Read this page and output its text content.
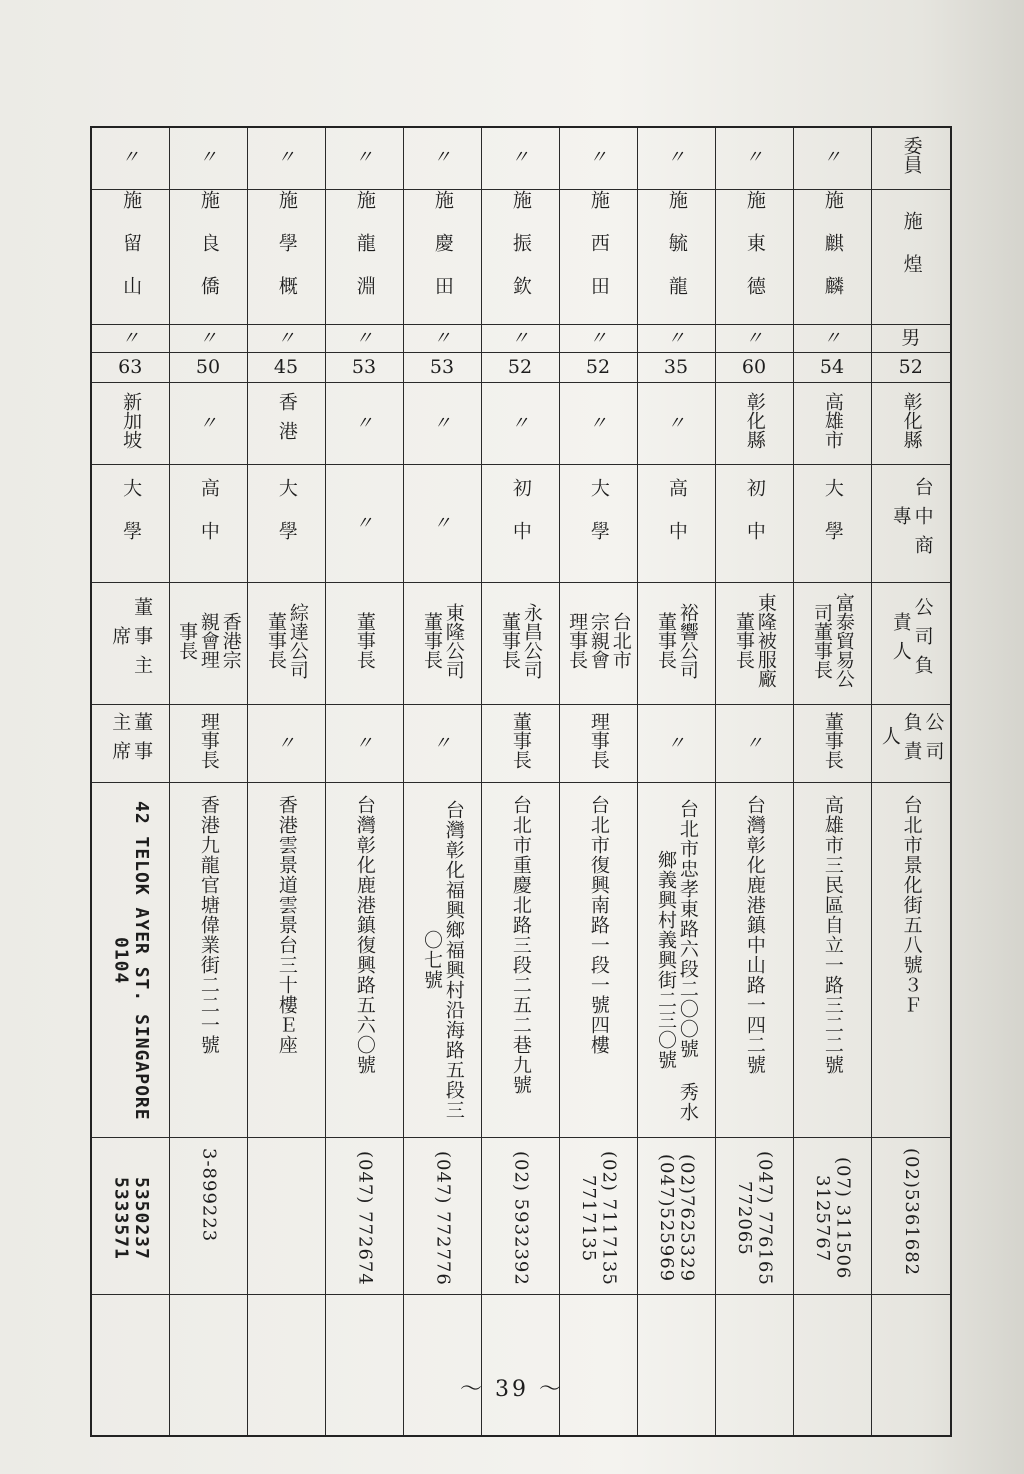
〃	〃	〃	〃	〃	〃	〃	〃	〃	〃	委員
施留山	施良僑	施學概	施龍淵	施慶田	施振欽	施西田	施毓龍	施東德	施麒麟	施煌
〃	〃	〃	〃	〃	〃	〃	〃	〃	〃	男
63	50	45	53	53	52	52	35	60	54	52
新加坡	〃	香港	〃	〃	〃	〃	〃	彰化縣	高雄市	彰化縣
大學	高中	大學	〃	〃	初中	大學	高中	初中	大學	台中商專
董事主席	香港宗親會理事長	綜達公司董事長	董事長	東隆公司董事長	永昌公司董事長	台北市宗親會理事長	裕響公司董事長	東隆被服廠董事長	富泰貿易公司董事長	公司負責人
董事主席	理事長	〃	〃	〃	董事長	理事長	〃	〃	董事長	公司負責人
42 TELOK AYER ST. SINGAPORE 0104	香港九龍官塘偉業街二二一號	香港雲景道雲景台三十樓Ｅ座	台灣彰化鹿港鎮復興路五六〇號	台灣彰化福興鄉福興村沿海路五段三〇七號	台北市重慶北路三段二五二巷九號	台北市復興南路一段一號四樓	台北市忠孝東路六段二〇〇號 秀水鄉義興村義興街二三〇號	台灣彰化鹿港鎮中山路一四二號	高雄市三民區自立一路三二二號	台北市景化街五八號３Ｆ
5350237 5333571	3-899223		(047) 772674	(047) 772776	(02) 5932392	(02) 7117135 7717135	(02)7625329 (047)525969	(047) 776165 772065	(07) 311506 3125767	(02)5361682

～ 39 ～
